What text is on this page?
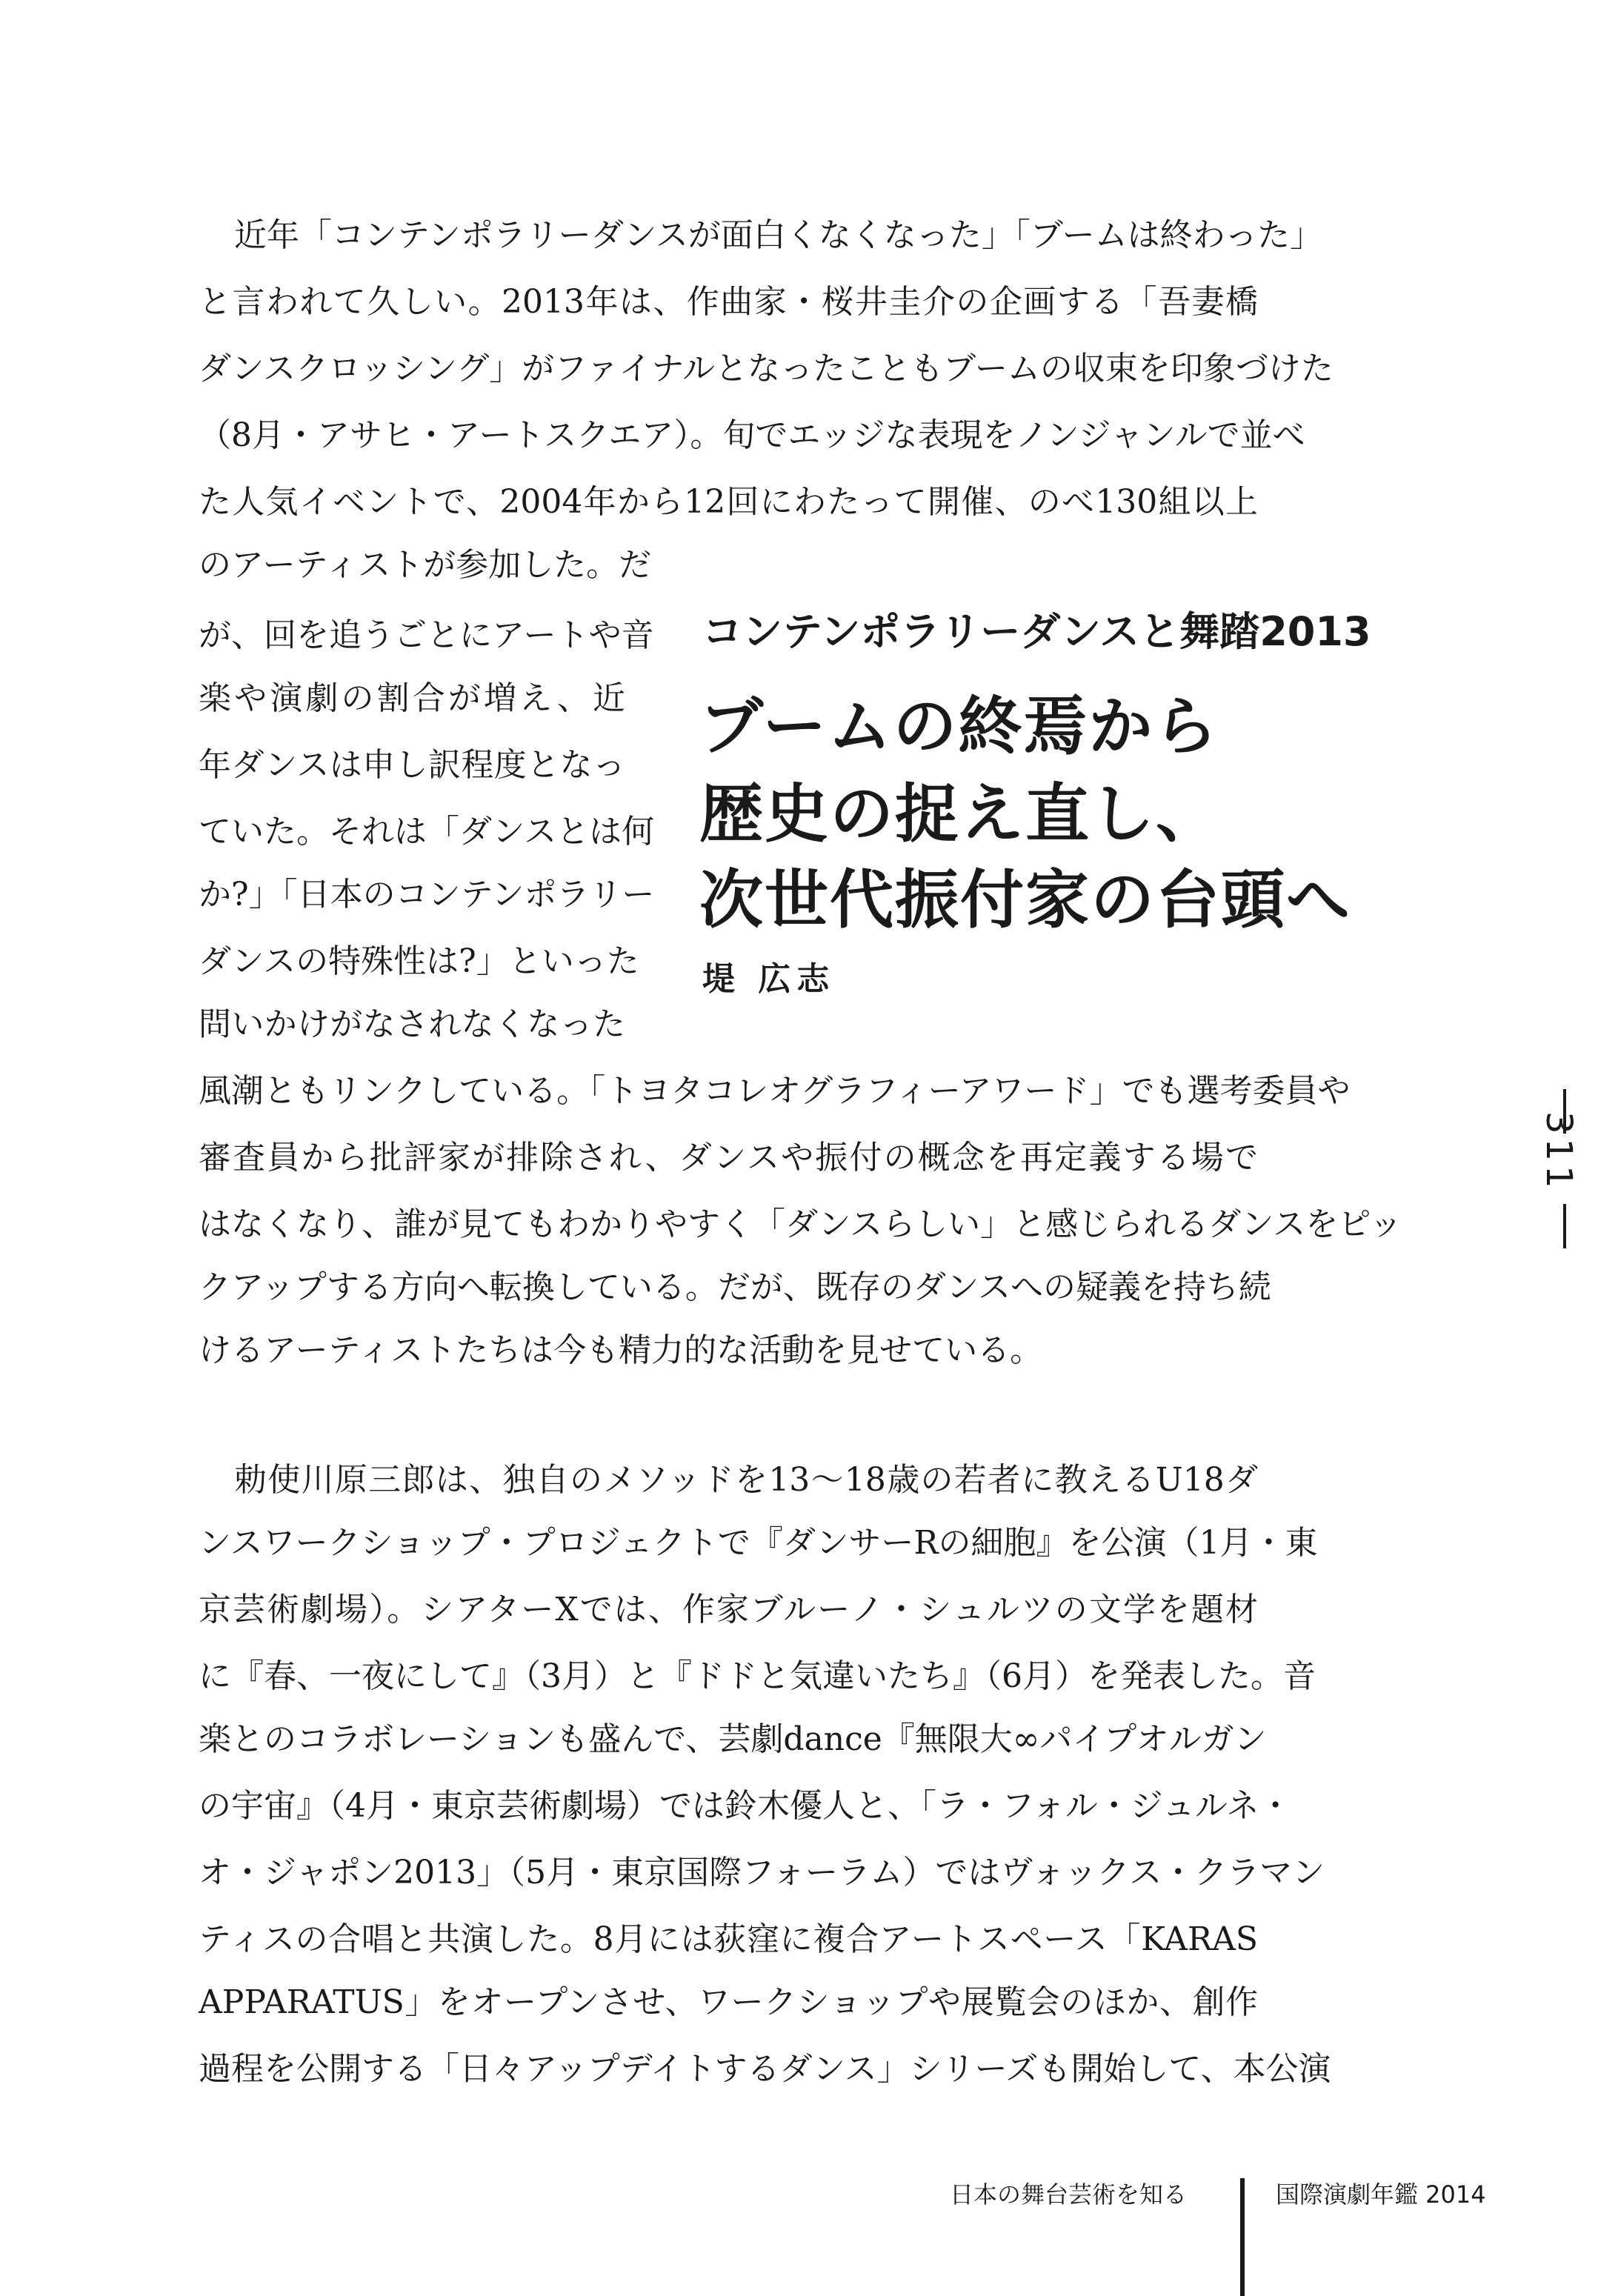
近年「コンテンポラリーダンスが面白くなくなった」「ブームは終わった」
と言われて久しい。2013年は、作曲家・桜井圭介の企画する「吾妻橋
ダンスクロッシング」がファイナルとなったこともブームの収束を印象づけた
（8月・アサヒ・アートスクエア）。旬でエッジな表現をノンジャンルで並べ
た人気イベントで、2004年から12回にわたって開催、のべ130組以上
のアーティストが参加した。だ
が、回を追うごとにアートや音
楽や演劇の割合が増え、近
年ダンスは申し訳程度となっ
ていた。それは「ダンスとは何
か?」「日本のコンテンポラリー
ダンスの特殊性は?」といった
問いかけがなされなくなった
風潮ともリンクしている。「トヨタコレオグラフィーアワード」でも選考委員や
審査員から批評家が排除され、ダンスや振付の概念を再定義する場で
はなくなり、誰が見てもわかりやすく「ダンスらしい」と感じられるダンスをピッ
クアップする方向へ転換している。だが、既存のダンスへの疑義を持ち続
けるアーティストたちは今も精力的な活動を見せている。
勅使川原三郎は、独自のメソッドを13〜18歳の若者に教えるU18ダ
ンスワークショップ・プロジェクトで『ダンサーRの細胞』を公演（1月・東
京芸術劇場）。シアターXでは、作家ブルーノ・シュルツの文学を題材
に『春、一夜にして』（3月）と『ドドと気違いたち』（6月）を発表した。音
楽とのコラボレーションも盛んで、芸劇dance『無限大∞パイプオルガン
の宇宙』（4月・東京芸術劇場）では鈴木優人と、「ラ・フォル・ジュルネ・
オ・ジャポン2013」（5月・東京国際フォーラム）ではヴォックス・クラマン
ティスの合唱と共演した。8月には荻窪に複合アートスペース「KARAS
APPARATUS」をオープンさせ、ワークショップや展覧会のほか、創作
過程を公開する「日々アップデイトするダンス」シリーズも開始して、本公演
コンテンポラリーダンスと舞踏2013
ブームの終焉から
歴史の捉え直し、
次世代振付家の台頭へ
堤 広志
311
日本の舞台芸術を知る	国際演劇年鑑 2014
